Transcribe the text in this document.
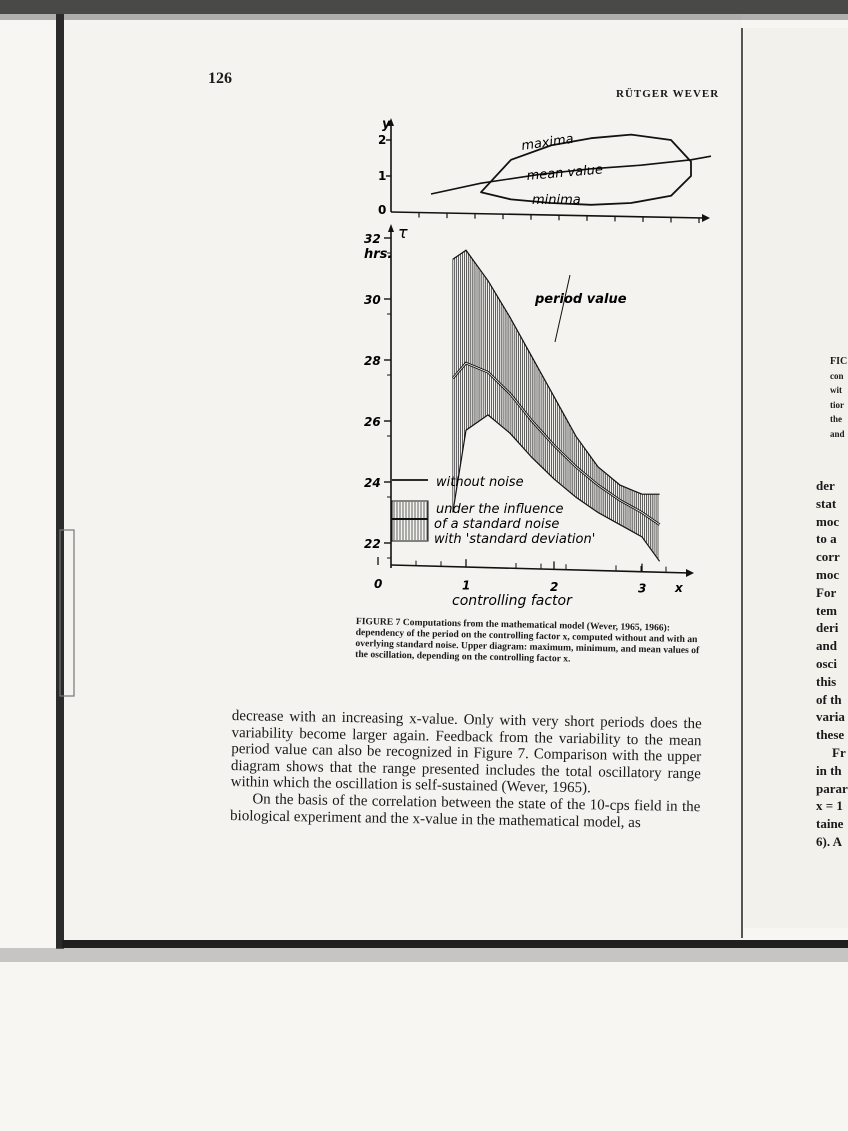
126
RÜTGER WEVER
y
2
1
0
maxima
mean value
minima
τ
hrs.
32
30
28
26
24
22
0	1	2	3
period value
without noise
under the influence
of a standard noise
with 'standard deviation'
x
controlling factor
FIGURE 7 Computations from the mathematical model (Wever, 1965, 1966): dependency of the period on the controlling factor x, computed without and with an overlying standard noise. Upper diagram: maximum, minimum, and mean values of the oscillation, depending on the controlling factor x.

decrease with an increasing x-value. Only with very short periods does the variability become larger again. Feedback from the variability to the mean period value can also be recognized in Figure 7. Comparison with the upper diagram shows that the range presented includes the total oscillatory range within which the oscillation is self-sustained (Wever, 1965).

On the basis of the correlation between the state of the 10-cps field in the biological experiment and the x-value in the mathematical model, as

FIC
con
wit
tior
the
and
der
stat
moc
to a
corr
moc
For
tem
deri
and
osci
this
of th
varia
these
Fr
in th
parar
x = 1
taine
6). A
